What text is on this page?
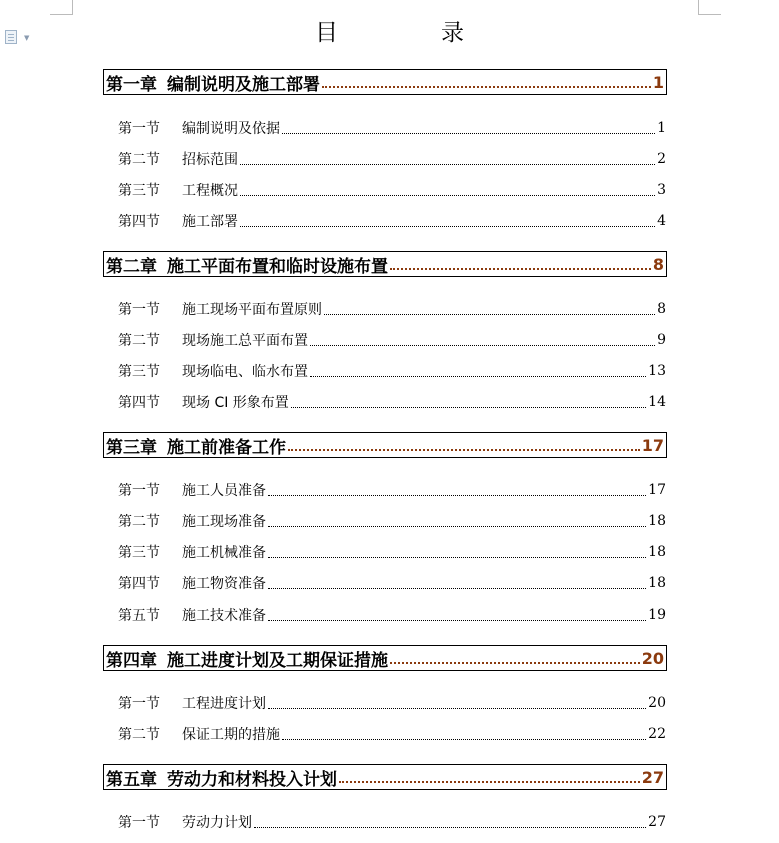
▼	目　录
第一章 编制说明及施工部署	1
第一节	编制说明及依据	1
第二节	招标范围	2
第三节	工程概况	3
第四节	施工部署	4
第二章 施工平面布置和临时设施布置	8
第一节	施工现场平面布置原则	8
第二节	现场施工总平面布置	9
第三节	现场临电、临水布置	13
第四节	现场 CI 形象布置	14
第三章 施工前准备工作	17
第一节	施工人员准备	17
第二节	施工现场准备	18
第三节	施工机械准备	18
第四节	施工物资准备	18
第五节	施工技术准备	19
第四章 施工进度计划及工期保证措施	20
第一节	工程进度计划	20
第二节	保证工期的措施	22
第五章 劳动力和材料投入计划	27
第一节	劳动力计划	27
